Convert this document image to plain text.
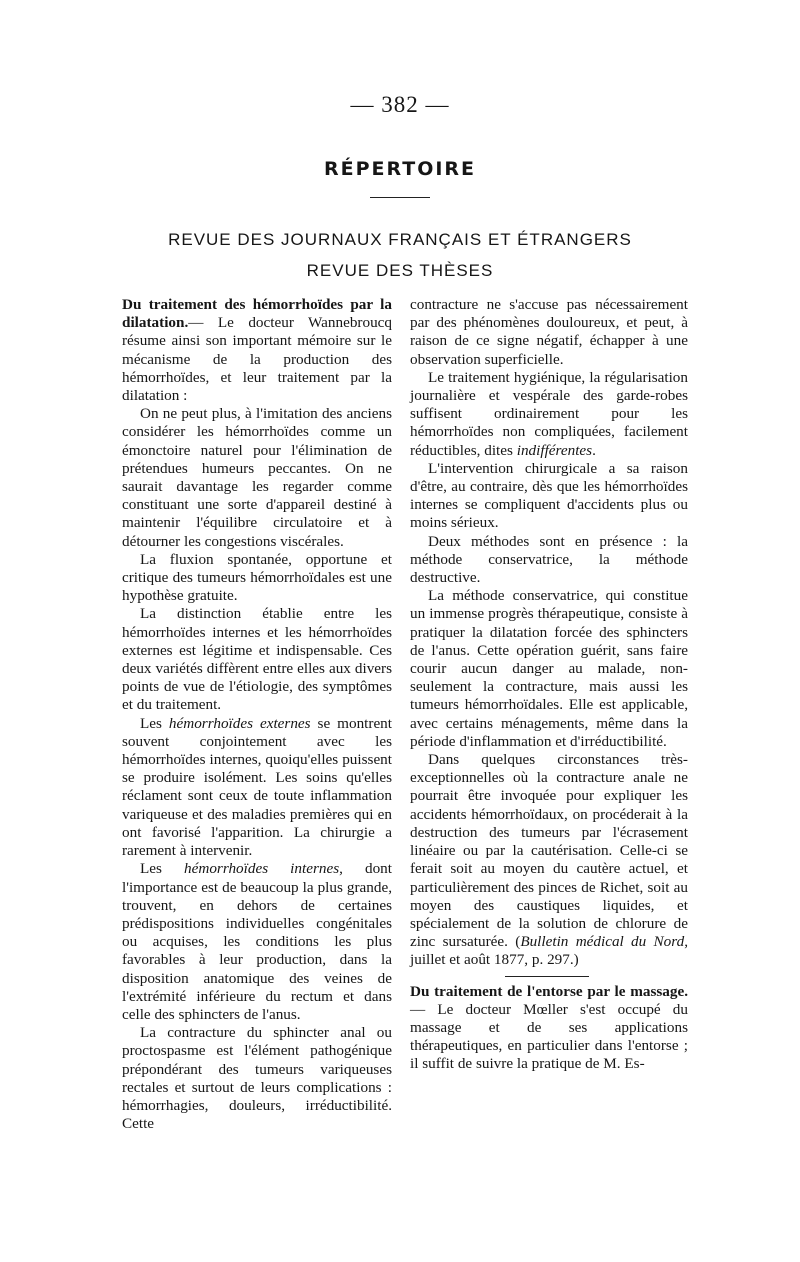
— 382 —
RÉPERTOIRE
REVUE DES JOURNAUX FRANÇAIS ET ÉTRANGERS
REVUE DES THÈSES

Du traitement des hémorrhoïdes par la dilatation.— Le docteur Wannebroucq résume ainsi son important mémoire sur le mécanisme de la production des hémorrhoïdes, et leur traitement par la dilatation :

On ne peut plus, à l'imitation des anciens considérer les hémorrhoïdes comme un émonctoire naturel pour l'élimination de prétendues humeurs peccantes. On ne saurait davantage les regarder comme constituant une sorte d'appareil destiné à maintenir l'équilibre circulatoire et à détourner les congestions viscérales.

La fluxion spontanée, opportune et critique des tumeurs hémorrhoïdales est une hypothèse gratuite.

La distinction établie entre les hémorrhoïdes internes et les hémorrhoïdes externes est légitime et indispensable. Ces deux variétés diffèrent entre elles aux divers points de vue de l'étiologie, des symptômes et du traitement.

Les hémorrhoïdes externes se montrent souvent conjointement avec les hémorrhoïdes internes, quoiqu'elles puissent se produire isolément. Les soins qu'elles réclament sont ceux de toute inflammation variqueuse et des maladies premières qui en ont favorisé l'apparition. La chirurgie a rarement à intervenir.

Les hémorrhoïdes internes, dont l'importance est de beaucoup la plus grande, trouvent, en dehors de certaines prédispositions individuelles congénitales ou acquises, les conditions les plus favorables à leur production, dans la disposition anatomique des veines de l'extrémité inférieure du rectum et dans celle des sphincters de l'anus.

La contracture du sphincter anal ou proctospasme est l'élément pathogénique prépondérant des tumeurs variqueuses rectales et surtout de leurs complications : hémorrhagies, douleurs, irréductibilité. Cette

contracture ne s'accuse pas nécessairement par des phénomènes douloureux, et peut, à raison de ce signe négatif, échapper à une observation superficielle.

Le traitement hygiénique, la régularisation journalière et vespérale des garde-robes suffisent ordinairement pour les hémorrhoïdes non compliquées, facilement réductibles, dites indifférentes.

L'intervention chirurgicale a sa raison d'être, au contraire, dès que les hémorrhoïdes internes se compliquent d'accidents plus ou moins sérieux.

Deux méthodes sont en présence : la méthode conservatrice, la méthode destructive.

La méthode conservatrice, qui constitue un immense progrès thérapeutique, consiste à pratiquer la dilatation forcée des sphincters de l'anus. Cette opération guérit, sans faire courir aucun danger au malade, non-seulement la contracture, mais aussi les tumeurs hémorrhoïdales. Elle est applicable, avec certains ménagements, même dans la période d'inflammation et d'irréductibilité.

Dans quelques circonstances très-exceptionnelles où la contracture anale ne pourrait être invoquée pour expliquer les accidents hémorrhoïdaux, on procéderait à la destruction des tumeurs par l'écrasement linéaire ou par la cautérisation. Celle-ci se ferait soit au moyen du cautère actuel, et particulièrement des pinces de Richet, soit au moyen des caustiques liquides, et spécialement de la solution de chlorure de zinc sursaturée. (Bulletin médical du Nord, juillet et août 1877, p. 297.)

Du traitement de l'entorse par le massage. — Le docteur Mœller s'est occupé du massage et de ses applications thérapeutiques, en particulier dans l'entorse ; il suffit de suivre la pratique de M. Es-
